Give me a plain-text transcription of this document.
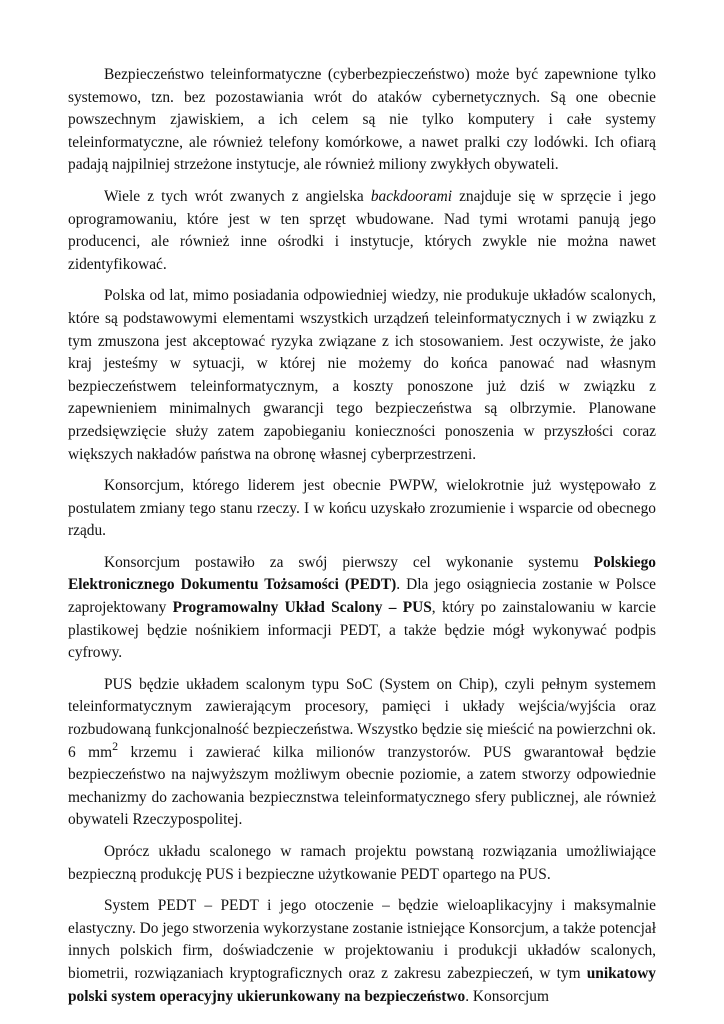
Bezpieczeństwo teleinformatyczne (cyberbezpieczeństwo) może być zapewnione tylko systemowo, tzn. bez pozostawiania wrót do ataków cybernetycznych. Są one obecnie powszechnym zjawiskiem, a ich celem są nie tylko komputery i całe systemy teleinformatyczne, ale również telefony komórkowe, a nawet pralki czy lodówki. Ich ofiarą padają najpilniej strzeżone instytucje, ale również miliony zwykłych obywateli.

Wiele z tych wrót zwanych z angielska backdoorami znajduje się w sprzęcie i jego oprogramowaniu, które jest w ten sprzęt wbudowane. Nad tymi wrotami panują jego producenci, ale również inne ośrodki i instytucje, których zwykle nie można nawet zidentyfikować.

Polska od lat, mimo posiadania odpowiedniej wiedzy, nie produkuje układów scalonych, które są podstawowymi elementami wszystkich urządzeń teleinformatycznych i w związku z tym zmuszona jest akceptować ryzyka związane z ich stosowaniem. Jest oczywiste, że jako kraj jesteśmy w sytuacji, w której nie możemy do końca panować nad własnym bezpieczeństwem teleinformatycznym, a koszty ponoszone już dziś w związku z zapewnieniem minimalnych gwarancji tego bezpieczeństwa są olbrzymie. Planowane przedsięwzięcie służy zatem zapobieganiu konieczności ponoszenia w przyszłości coraz większych nakładów państwa na obronę własnej cyberprzestrzeni.

Konsorcjum, którego liderem jest obecnie PWPW, wielokrotnie już występowało z postulatem zmiany tego stanu rzeczy. I w końcu uzyskało zrozumienie i wsparcie od obecnego rządu.

Konsorcjum postawiło za swój pierwszy cel wykonanie systemu Polskiego Elektronicznego Dokumentu Tożsamości (PEDT). Dla jego osiągniecia zostanie w Polsce zaprojektowany Programowalny Układ Scalony – PUS, który po zainstalowaniu w karcie plastikowej będzie nośnikiem informacji PEDT, a także będzie mógł wykonywać podpis cyfrowy.

PUS będzie układem scalonym typu SoC (System on Chip), czyli pełnym systemem teleinformatycznym zawierającym procesory, pamięci i układy wejścia/wyjścia oraz rozbudowaną funkcjonalność bezpieczeństwa. Wszystko będzie się mieścić na powierzchni ok. 6 $mm^2$ krzemu i zawierać kilka milionów tranzystorów. PUS gwarantował będzie bezpieczeństwo na najwyższym możliwym obecnie poziomie, a zatem stworzy odpowiednie mechanizmy do zachowania bezpiecznstwa teleinformatycznego sfery publicznej, ale również obywateli Rzeczypospolitej.

Oprócz układu scalonego w ramach projektu powstaną rozwiązania umożliwiające bezpieczną produkcję PUS i bezpieczne użytkowanie PEDT opartego na PUS.

System PEDT – PEDT i jego otoczenie – będzie wieloaplikacyjny i maksymalnie elastyczny. Do jego stworzenia wykorzystane zostanie istniejące Konsorcjum, a także potencjał innych polskich firm, doświadczenie w projektowaniu i produkcji układów scalonych, biometrii, rozwiązaniach kryptograficznych oraz z zakresu zabezpieczeń, w tym unikatowy polski system operacyjny ukierunkowany na bezpieczeństwo. Konsorcjum
